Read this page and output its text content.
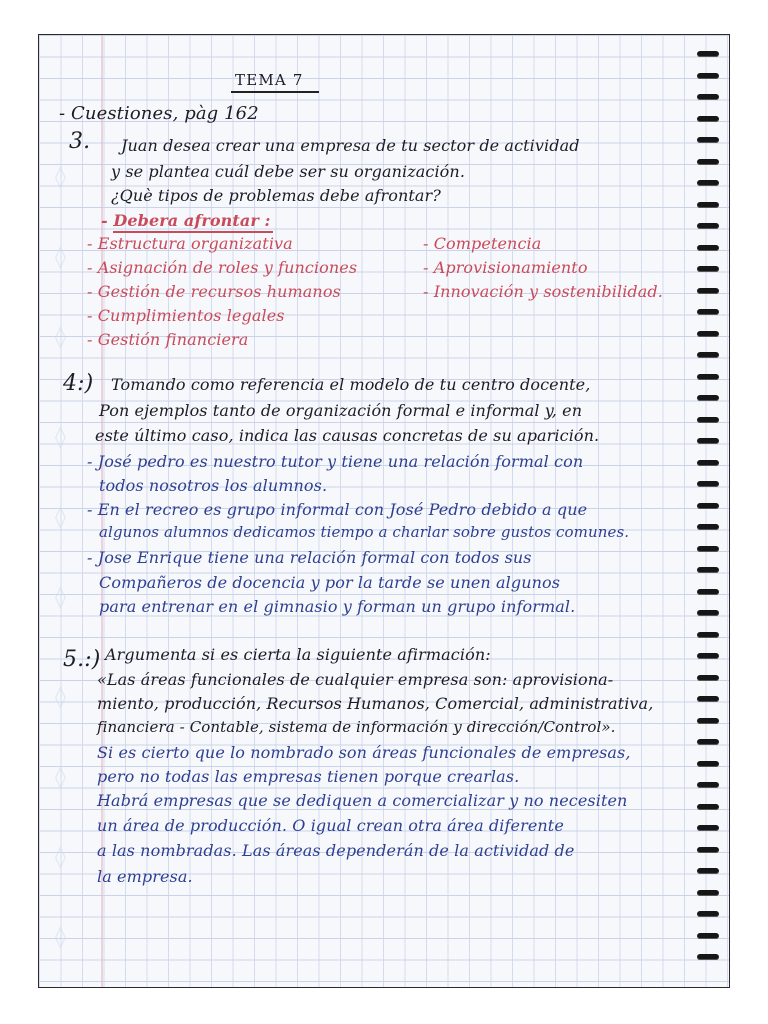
◊
◊
◊
◊
◊
◊
◊
◊
◊
◊
TEMA 7
- Cuestiones, pàg 162
3. Juan desea crear una empresa de tu sector de actividad
y se plantea cuál debe ser su organización.
¿Què tipos de problemas debe afrontar?
- Debera afrontar :
- Estructura organizativa
- Asignación de roles y funciones
- Gestión de recursos humanos
- Cumplimientos legales
- Gestión financiera
- Competencia
- Aprovisionamiento
- Innovación y sostenibilidad.
4:) Tomando como referencia el modelo de tu centro docente,
Pon ejemplos tanto de organización formal e informal y, en
este último caso, indica las causas concretas de su aparición.
- José pedro es nuestro tutor y tiene una relación formal con
todos nosotros los alumnos.
- En el recreo es grupo informal con José Pedro debido a que
algunos alumnos dedicamos tiempo a charlar sobre gustos comunes.
- Jose Enrique tiene una relación formal con todos sus
Compañeros de docencia y por la tarde se unen algunos
para entrenar en el gimnasio y forman un grupo informal.
5.:) Argumenta si es cierta la siguiente afirmación:
«Las áreas funcionales de cualquier empresa son: aprovisiona-
miento, producción, Recursos Humanos, Comercial, administrativa,
financiera - Contable, sistema de información y dirección/Control».
Si es cierto que lo nombrado son áreas funcionales de empresas,
pero no todas las empresas tienen porque crearlas.
Habrá empresas que se dediquen a comercializar y no necesiten
un área de producción. O igual crean otra área diferente
a las nombradas. Las áreas dependerán de la actividad de
la empresa.
